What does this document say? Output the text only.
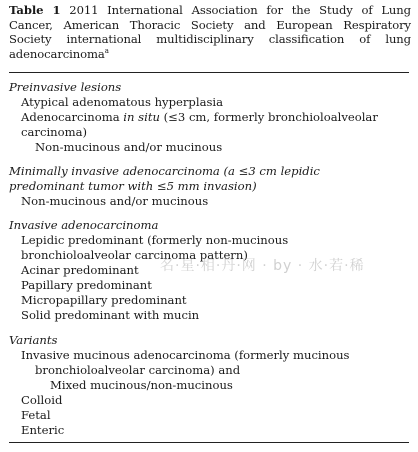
Table 1 2011 International Association for the Study of Lung Cancer, American Thoracic Society and European Respiratory Society international multidisciplinary classification of lung adenocarcinoma$^a$
Preinvasive lesions
Atypical adenomatous hyperplasia
Adenocarcinoma in situ (≤3 cm, formerly bronchioloalveolar
carcinoma)
Non-mucinous and/or mucinous
Minimally invasive adenocarcinoma (a ≤3 cm lepidic
predominant tumor with ≤5 mm invasion)
Non-mucinous and/or mucinous
Invasive adenocarcinoma
Lepidic predominant (formerly non-mucinous
bronchioloalveolar carcinoma pattern)
Acinar predominant
Papillary predominant
Micropapillary predominant
Solid predominant with mucin
Variants
Invasive mucinous adenocarcinoma (formerly mucinous
bronchioloalveolar carcinoma) and
Mixed mucinous/non-mucinous
Colloid
Fetal
Enteric
名·星·相·丹·网 · by · 水·若·稀
